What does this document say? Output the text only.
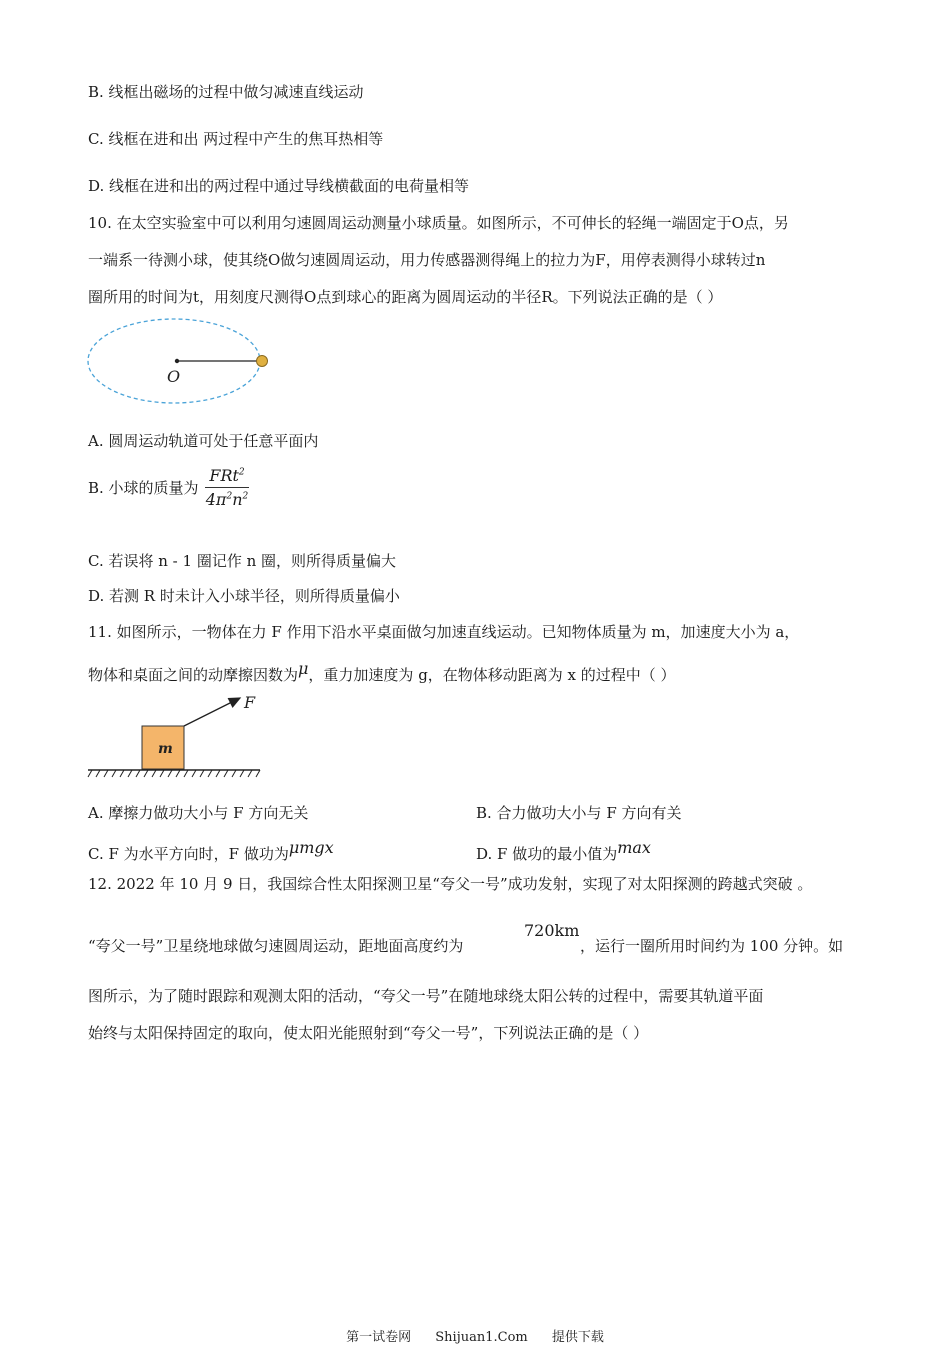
B. 线框出磁场的过程中做匀减速直线运动
C. 线框在进和出 两过程中产生的焦耳热相等
D. 线框在进和出的两过程中通过导线横截面的电荷量相等
10. 在太空实验室中可以利用匀速圆周运动测量小球质量。如图所示，不可伸长的轻绳一端固定于O点，另
一端系一待测小球，使其绕O做匀速圆周运动，用力传感器测得绳上的拉力为F，用停表测得小球转过n
圈所用的时间为t，用刻度尺测得O点到球心的距离为圆周运动的半径R。下列说法正确的是（ ）
O
A. 圆周运动轨道可处于任意平面内
B. 小球的质量为 $\frac{FRt^2}{4\pi^2n^2}$
C. 若误将 n - 1 圈记作 n 圈，则所得质量偏大
D. 若测 R 时未计入小球半径，则所得质量偏小
11. 如图所示，一物体在力 F 作用下沿水平桌面做匀加速直线运动。已知物体质量为 m，加速度大小为 a，
物体和桌面之间的动摩擦因数为μ，重力加速度为 g，在物体移动距离为 x 的过程中（ ）
m
F
A. 摩擦力做功大小与 F 方向无关	B. 合力做功大小与 F 方向有关
C. F 为水平方向时，F 做功为μmgx	D. F 做功的最小值为max
12. 2022 年 10 月 9 日，我国综合性太阳探测卫星“夸父一号”成功发射，实现了对太阳探测的跨越式突破 。
720km
“夸父一号”卫星绕地球做匀速圆周运动，距地面高度约为	，运行一圈所用时间约为 100 分钟。如
图所示，为了随时跟踪和观测太阳的活动，“夸父一号”在随地球绕太阳公转的过程中，需要其轨道平面
始终与太阳保持固定的取向，使太阳光能照射到“夸父一号”，下列说法正确的是（ ）
第一试卷网 Shijuan1.Com 提供下载
